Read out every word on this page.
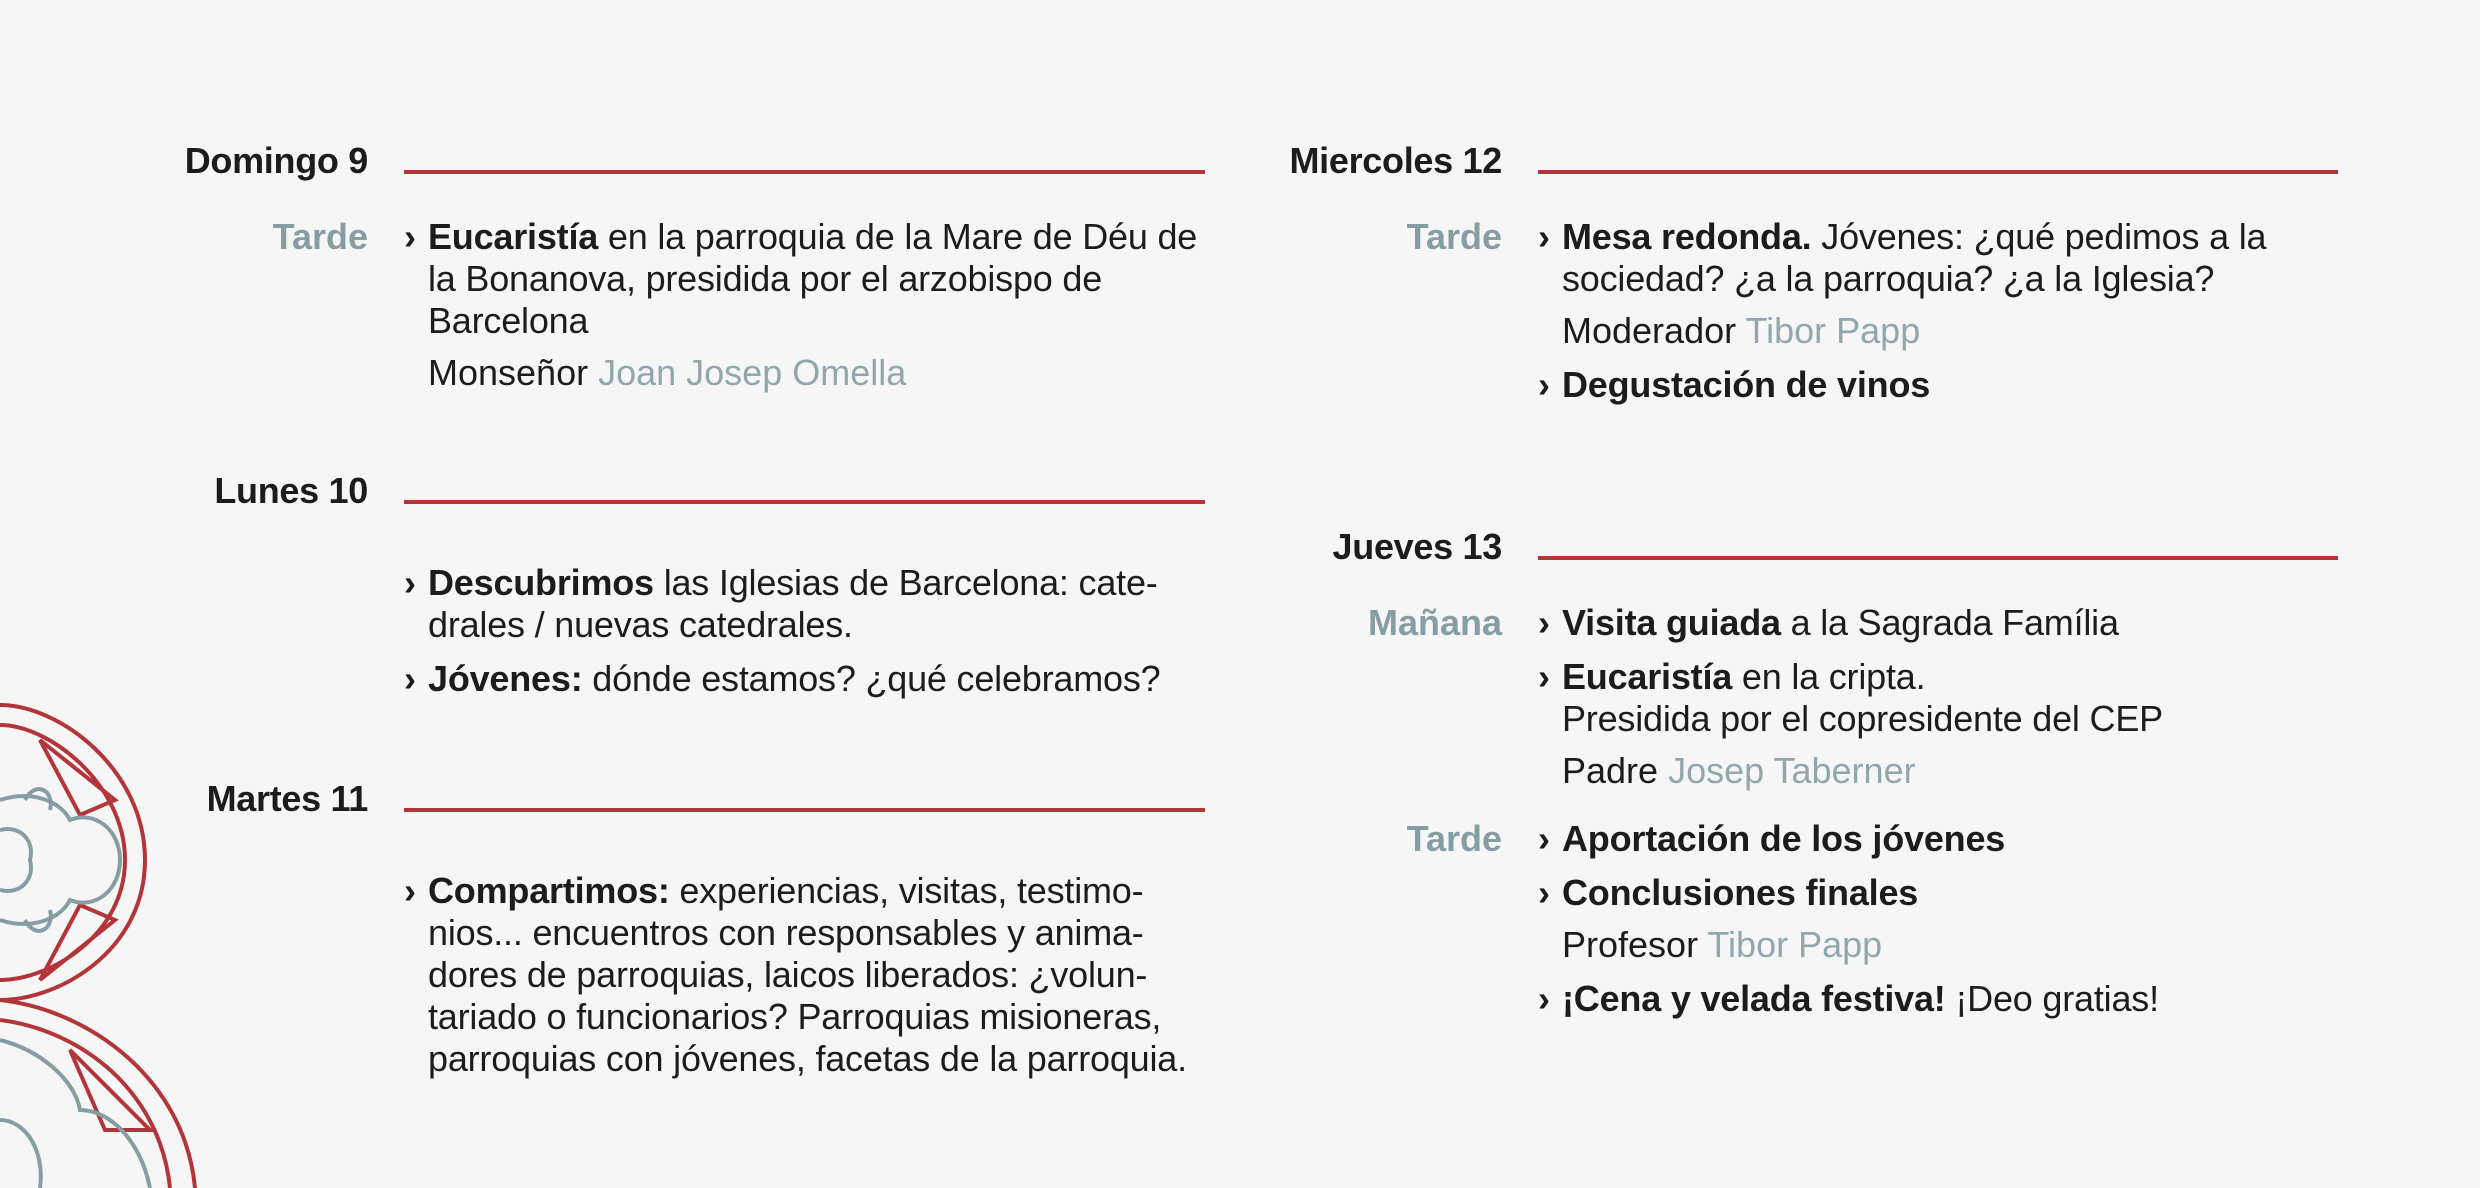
Domingo 9
Tarde	› Eucaristía en la parroquia de la Mare de Déu de la Bonanova, presidida por el arzobispo de Barcelona
Monseñor Joan Josep Omella
Lunes 10
› Descubrimos las Iglesias de Barcelona: cate-drales / nuevas catedrales.
› Jóvenes: dónde estamos? ¿qué celebramos?
Martes 11
› Compartimos: experiencias, visitas, testimo-nios... encuentros con responsables y anima-dores de parroquias, laicos liberados: ¿volun-tariado o funcionarios? Parroquias misioneras, parroquias con jóvenes, facetas de la parroquia.
Miercoles 12
Tarde	› Mesa redonda. Jóvenes: ¿qué pedimos a la sociedad? ¿a la parroquia? ¿a la Iglesia?
Moderador Tibor Papp
› Degustación de vinos
Jueves 13
Mañana	› Visita guiada a la Sagrada Família
› Eucaristía en la cripta.
Presidida por el copresidente del CEP
Padre Josep Taberner
Tarde	› Aportación de los jóvenes
› Conclusiones finales
Profesor Tibor Papp
› ¡Cena y velada festiva! ¡Deo gratias!
